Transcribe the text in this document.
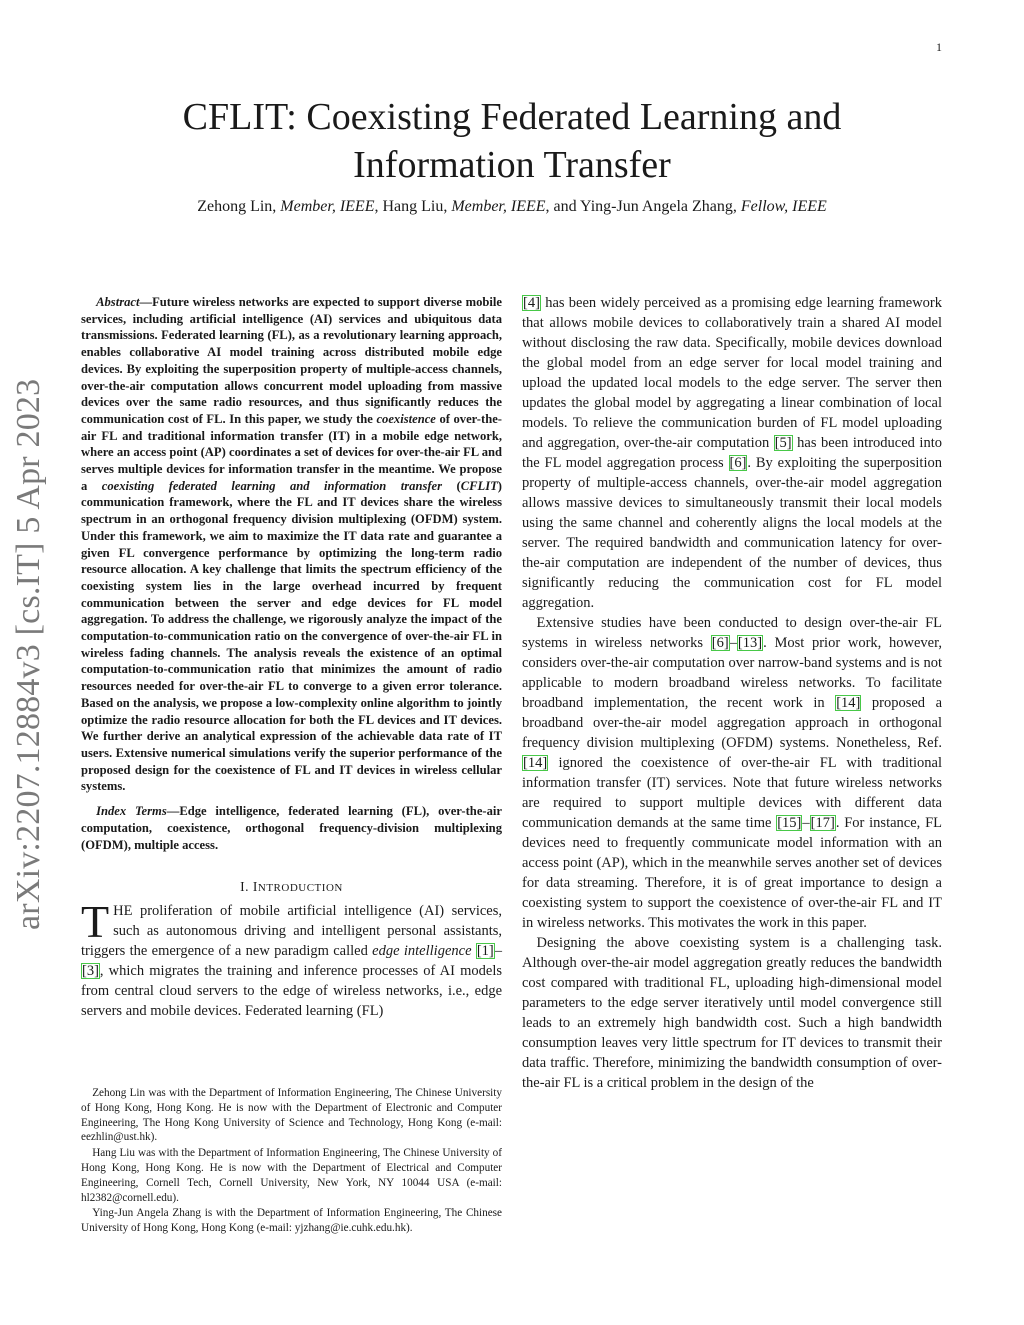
1
arXiv:2207.12884v3 [cs.IT] 5 Apr 2023
CFLIT: Coexisting Federated Learning and
Information Transfer
Zehong Lin, Member, IEEE, Hang Liu, Member, IEEE, and Ying-Jun Angela Zhang, Fellow, IEEE

Abstract—Future wireless networks are expected to support diverse mobile services, including artificial intelligence (AI) services and ubiquitous data transmissions. Federated learning (FL), as a revolutionary learning approach, enables collaborative AI model training across distributed mobile edge devices. By exploiting the superposition property of multiple-access channels, over-the-air computation allows concurrent model uploading from massive devices over the same radio resources, and thus significantly reduces the communication cost of FL. In this paper, we study the coexistence of over-the-air FL and traditional information transfer (IT) in a mobile edge network, where an access point (AP) coordinates a set of devices for over-the-air FL and serves multiple devices for information transfer in the meantime. We propose a coexisting federated learning and information transfer (CFLIT) communication framework, where the FL and IT devices share the wireless spectrum in an orthogonal frequency division multiplexing (OFDM) system. Under this framework, we aim to maximize the IT data rate and guarantee a given FL convergence performance by optimizing the long-term radio resource allocation. A key challenge that limits the spectrum efficiency of the coexisting system lies in the large overhead incurred by frequent communication between the server and edge devices for FL model aggregation. To address the challenge, we rigorously analyze the impact of the computation-to-communication ratio on the convergence of over-the-air FL in wireless fading channels. The analysis reveals the existence of an optimal computation-to-communication ratio that minimizes the amount of radio resources needed for over-the-air FL to converge to a given error tolerance. Based on the analysis, we propose a low-complexity online algorithm to jointly optimize the radio resource allocation for both the FL devices and IT devices. We further derive an analytical expression of the achievable data rate of IT users. Extensive numerical simulations verify the superior performance of the proposed design for the coexistence of FL and IT devices in wireless cellular systems.

Index Terms—Edge intelligence, federated learning (FL), over-the-air computation, coexistence, orthogonal frequency-division multiplexing (OFDM), multiple access.

I. INTRODUCTION

THE proliferation of mobile artificial intelligence (AI) services, such as autonomous driving and intelligent personal assistants, triggers the emergence of a new paradigm called edge intelligence [1]–[3], which migrates the training and inference processes of AI models from central cloud servers to the edge of wireless networks, i.e., edge servers and mobile devices. Federated learning (FL)

[4] has been widely perceived as a promising edge learning framework that allows mobile devices to collaboratively train a shared AI model without disclosing the raw data. Specifically, mobile devices download the global model from an edge server for local model training and upload the updated local models to the edge server. The server then updates the global model by aggregating a linear combination of local models. To relieve the communication burden of FL model uploading and aggregation, over-the-air computation [5] has been introduced into the FL model aggregation process [6]. By exploiting the superposition property of multiple-access channels, over-the-air model aggregation allows massive devices to simultaneously transmit their local models using the same channel and coherently aligns the local models at the server. The required bandwidth and communication latency for over-the-air computation are independent of the number of devices, thus significantly reducing the communication cost for FL model aggregation.

Extensive studies have been conducted to design over-the-air FL systems in wireless networks [6]–[13]. Most prior work, however, considers over-the-air computation over narrow-band systems and is not applicable to modern broadband wireless networks. To facilitate broadband implementation, the recent work in [14] proposed a broadband over-the-air model aggregation approach in orthogonal frequency division multiplexing (OFDM) systems. Nonetheless, Ref. [14] ignored the coexistence of over-the-air FL with traditional information transfer (IT) services. Note that future wireless networks are required to support multiple devices with different data communication demands at the same time [15]–[17]. For instance, FL devices need to frequently communicate model information with an access point (AP), which in the meanwhile serves another set of devices for data streaming. Therefore, it is of great importance to design a coexisting system to support the coexistence of over-the-air FL and IT in wireless networks. This motivates the work in this paper.

Designing the above coexisting system is a challenging task. Although over-the-air model aggregation greatly reduces the bandwidth cost compared with traditional FL, uploading high-dimensional model parameters to the edge server iteratively until model convergence still leads to an extremely high bandwidth cost. Such a high bandwidth consumption leaves very little spectrum for IT devices to transmit their data traffic. Therefore, minimizing the bandwidth consumption of over-the-air FL is a critical problem in the design of the

Zehong Lin was with the Department of Information Engineering, The Chinese University of Hong Kong, Hong Kong. He is now with the Department of Electronic and Computer Engineering, The Hong Kong University of Science and Technology, Hong Kong (e-mail: eezhlin@ust.hk).

Hang Liu was with the Department of Information Engineering, The Chinese University of Hong Kong, Hong Kong. He is now with the Department of Electrical and Computer Engineering, Cornell Tech, Cornell University, New York, NY 10044 USA (e-mail: hl2382@cornell.edu).

Ying-Jun Angela Zhang is with the Department of Information Engineering, The Chinese University of Hong Kong, Hong Kong (e-mail: yjzhang@ie.cuhk.edu.hk).
